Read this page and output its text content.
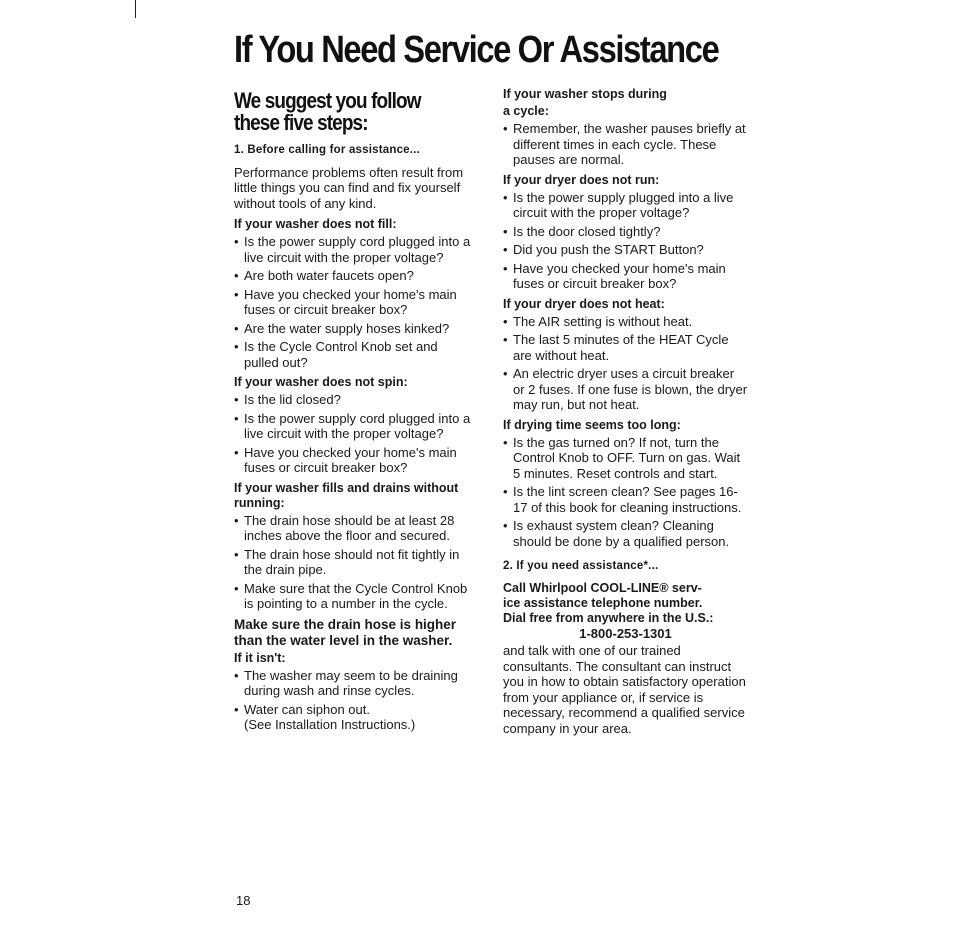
If You Need Service Or Assistance
We suggest you follow
these five steps:
1. Before calling for assistance...

Performance problems often result from little things you can find and fix yourself without tools of any kind.

If your washer does not fill:
• Is the power supply cord plugged into a live circuit with the proper voltage?
• Are both water faucets open?
• Have you checked your home's main fuses or circuit breaker box?
• Are the water supply hoses kinked?
• Is the Cycle Control Knob set and pulled out?
If your washer does not spin:
• Is the lid closed?
• Is the power supply cord plugged into a live circuit with the proper voltage?
• Have you checked your home's main fuses or circuit breaker box?
If your washer fills and drains without running:
• The drain hose should be at least 28 inches above the floor and secured.
• The drain hose should not fit tightly in the drain pipe.
• Make sure that the Cycle Control Knob is pointing to a number in the cycle.
Make sure the drain hose is higher than the water level in the washer.
If it isn't:
• The washer may seem to be draining during wash and rinse cycles.
• Water can siphon out.
(See Installation Instructions.)
If your washer stops during
a cycle:
• Remember, the washer pauses briefly at different times in each cycle. These pauses are normal.
If your dryer does not run:
• Is the power supply plugged into a live circuit with the proper voltage?
• Is the door closed tightly?
• Did you push the START Button?
• Have you checked your home's main fuses or circuit breaker box?
If your dryer does not heat:
• The AIR setting is without heat.
• The last 5 minutes of the HEAT Cycle are without heat.
• An electric dryer uses a circuit breaker or 2 fuses. If one fuse is blown, the dryer may run, but not heat.
If drying time seems too long:
• Is the gas turned on? If not, turn the Control Knob to OFF. Turn on gas. Wait 5 minutes. Reset controls and start.
• Is the lint screen clean? See pages 16-17 of this book for cleaning instructions.
• Is exhaust system clean? Cleaning should be done by a qualified person.
2. If you need assistance*...
Call Whirlpool COOL-LINE® serv-
ice assistance telephone number.
Dial free from anywhere in the U.S.:
1-800-253-1301

and talk with one of our trained consultants. The consultant can instruct you in how to obtain satisfactory operation from your appliance or, if service is necessary, recommend a qualified service company in your area.

18
